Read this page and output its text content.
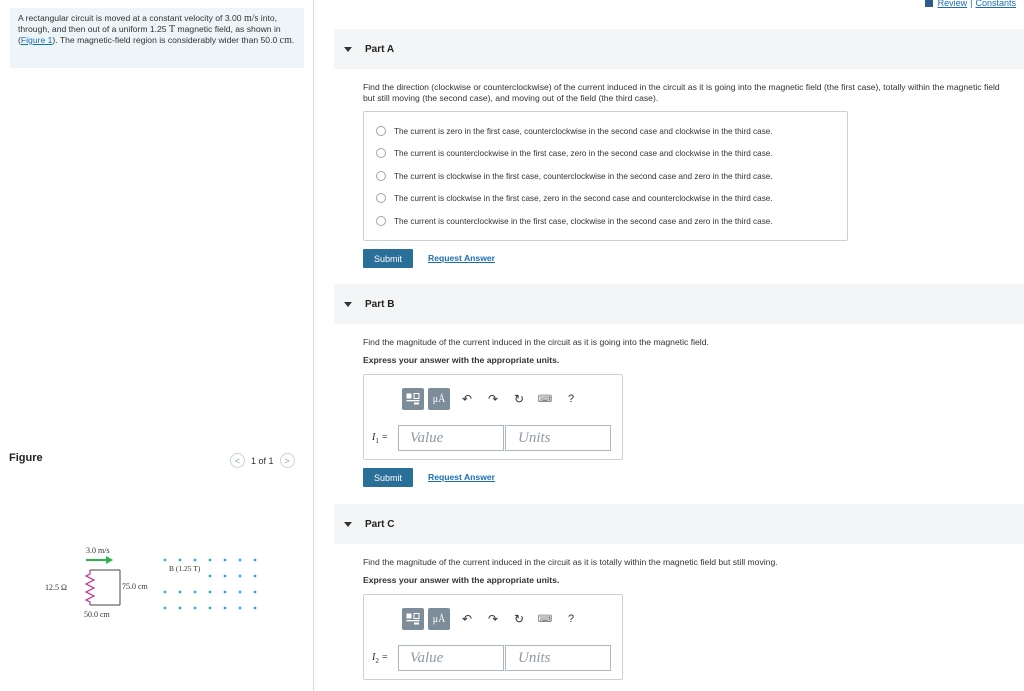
A rectangular circuit is moved at a constant velocity of 3.00 m/s into, through, and then out of a uniform 1.25 T magnetic field, as shown in (Figure 1). The magnetic-field region is considerably wider than 50.0 cm.
Figure	<	1 of 1	>
3.0 m/s
12.5 Ω	75.0 cm
50.0 cm
B (1.25 T)
Review | Constants
Part A
Find the direction (clockwise or counterclockwise) of the current induced in the circuit as it is going into the magnetic field (the first case), totally within the magnetic field but still moving (the second case), and moving out of the field (the third case).
The current is zero in the first case, counterclockwise in the second case and clockwise in the third case.
The current is counterclockwise in the first case, zero in the second case and clockwise in the third case.
The current is clockwise in the first case, counterclockwise in the second case and zero in the third case.
The current is clockwise in the first case, zero in the second case and counterclockwise in the third case.
The current is counterclockwise in the first case, clockwise in the second case and zero in the third case.
Submit	Request Answer
Part B
Find the magnitude of the current induced in the circuit as it is going into the magnetic field.
Express your answer with the appropriate units.
μÅ	↶	↷	↻	⌨	?
$I_1$ =	Value	Units
Submit	Request Answer
Part C
Find the magnitude of the current induced in the circuit as it is totally within the magnetic field but still moving.
Express your answer with the appropriate units.
μÅ	↶	↷	↻	⌨	?
$I_2$ =	Value	Units
